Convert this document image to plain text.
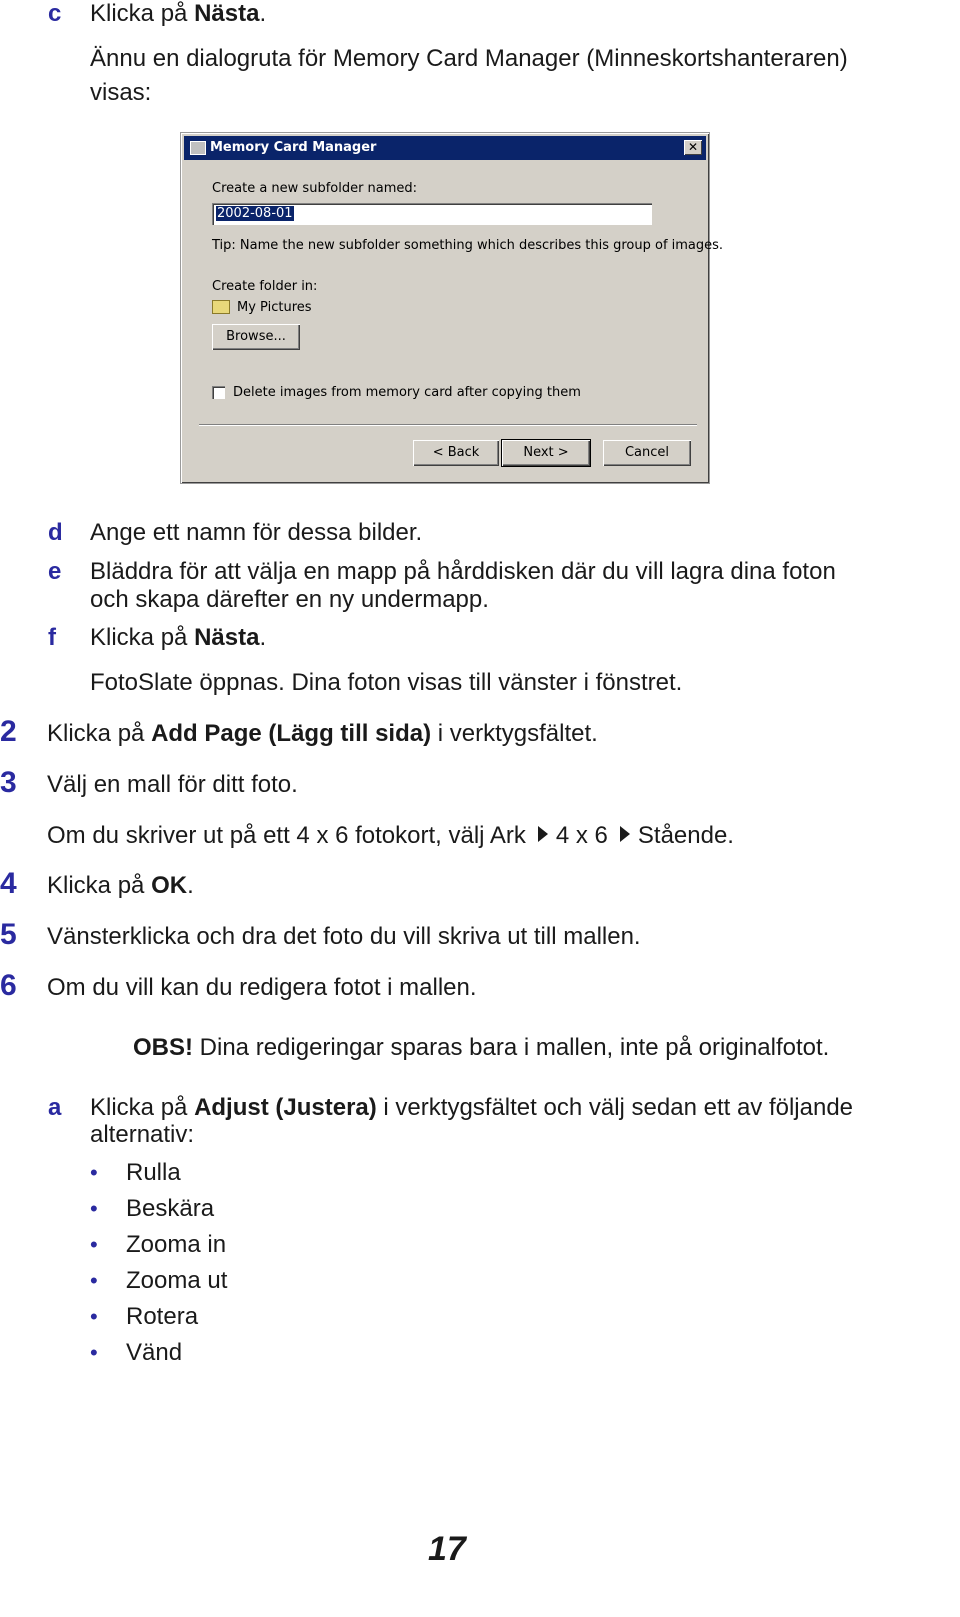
c Klicka på Nästa.
Ännu en dialogruta för Memory Card Manager (Minneskortshanteraren)
visas:
Memory Card Manager	✕
Create a new subfolder named:
2002-08-01
Tip: Name the new subfolder something which describes this group of images.
Create folder in:
My Pictures
Browse...
Delete images from memory card after copying them
< Back	Next >	Cancel
d Ange ett namn för dessa bilder.
e Bläddra för att välja en mapp på hårddisken där du vill lagra dina foton
och skapa därefter en ny undermapp.
f Klicka på Nästa.
FotoSlate öppnas. Dina foton visas till vänster i fönstret.
2 Klicka på Add Page (Lägg till sida) i verktygsfältet.
3 Välj en mall för ditt foto.
Om du skriver ut på ett 4 x 6 fotokort, välj Ark 4 x 6 Stående.
4 Klicka på OK.
5 Vänsterklicka och dra det foto du vill skriva ut till mallen.
6 Om du vill kan du redigera fotot i mallen.
OBS! Dina redigeringar sparas bara i mallen, inte på originalfotot.
a Klicka på Adjust (Justera) i verktygsfältet och välj sedan ett av följande
alternativ:
• Rulla
• Beskära
• Zooma in
• Zooma ut
• Rotera
• Vänd
17
